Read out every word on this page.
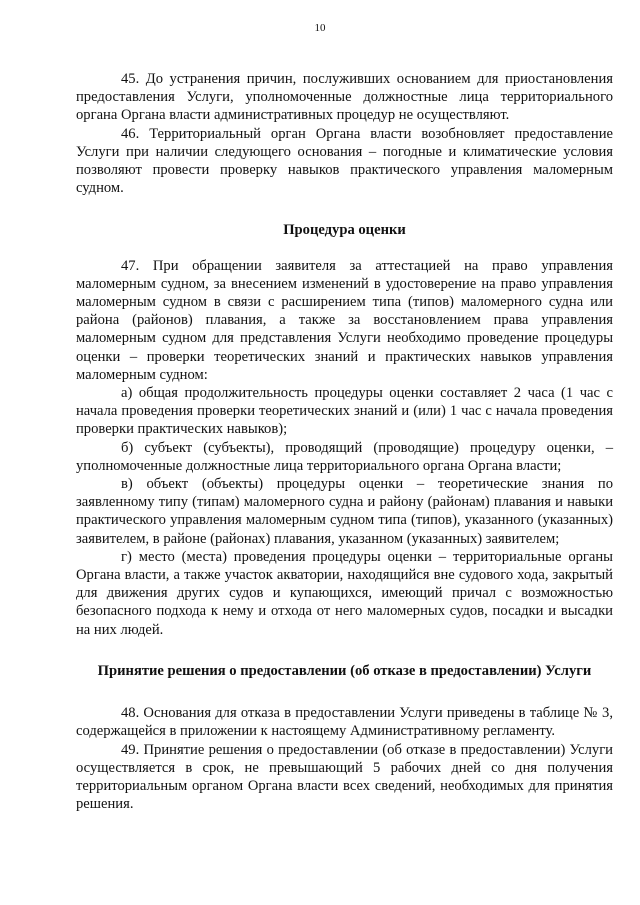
10

45. До устранения причин, послуживших основанием для приостановления предоставления Услуги, уполномоченные должностные лица территориального органа Органа власти административных процедур не осуществляют.

46. Территориальный орган Органа власти возобновляет предоставление Услуги при наличии следующего основания – погодные и климатические условия позволяют провести проверку навыков практического управления маломерным судном.

Процедура оценки

47. При обращении заявителя за аттестацией на право управления маломерным судном, за внесением изменений в удостоверение на право управления маломерным судном в связи с расширением типа (типов) маломерного судна или района (районов) плавания, а также за восстановлением права управления маломерным судном для представления Услуги необходимо проведение процедуры оценки – проверки теоретических знаний и практических навыков управления маломерным судном:

а) общая продолжительность процедуры оценки составляет 2 часа (1 час с начала проведения проверки теоретических знаний и (или) 1 час с начала проведения проверки практических навыков);

б) субъект (субъекты), проводящий (проводящие) процедуру оценки, – уполномоченные должностные лица территориального органа Органа власти;

в) объект (объекты) процедуры оценки – теоретические знания по заявленному типу (типам) маломерного судна и району (районам) плавания и навыки практического управления маломерным судном типа (типов), указанного (указанных) заявителем, в районе (районах) плавания, указанном (указанных) заявителем;

г) место (места) проведения процедуры оценки – территориальные органы Органа власти, а также участок акватории, находящийся вне судового хода, закрытый для движения других судов и купающихся, имеющий причал с возможностью безопасного подхода к нему и отхода от него маломерных судов, посадки и высадки на них людей.

Принятие решения о предоставлении (об отказе в предоставлении) Услуги

48. Основания для отказа в предоставлении Услуги приведены в таблице № 3, содержащейся в приложении к настоящему Административному регламенту.

49. Принятие решения о предоставлении (об отказе в предоставлении) Услуги осуществляется в срок, не превышающий 5 рабочих дней со дня получения территориальным органом Органа власти всех сведений, необходимых для принятия решения.
